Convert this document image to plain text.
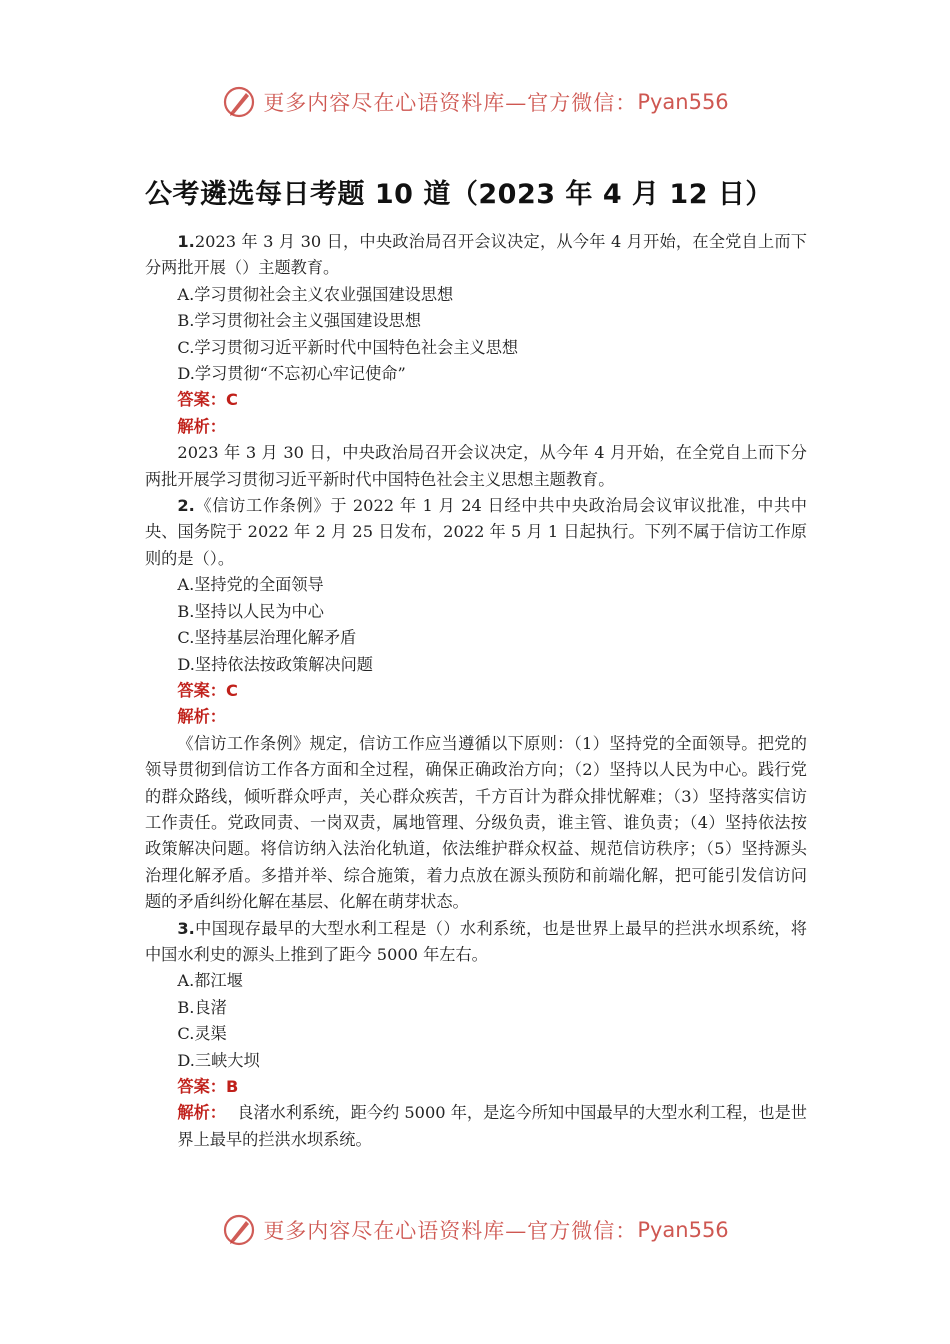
更多内容尽在心语资料库—官方微信： Pyan556
公考遴选每日考题 10 道（2023 年 4 月 12 日）

1.2023 年 3 月 30 日，中央政治局召开会议决定，从今年 4 月开始，在全党自上而下分两批开展（）主题教育。

A.学习贯彻社会主义农业强国建设思想

B.学习贯彻社会主义强国建设思想

C.学习贯彻习近平新时代中国特色社会主义思想

D.学习贯彻“不忘初心牢记使命”

答案：C

解析：

2023 年 3 月 30 日，中央政治局召开会议决定，从今年 4 月开始，在全党自上而下分两批开展学习贯彻习近平新时代中国特色社会主义思想主题教育。

2.《信访工作条例》于 2022 年 1 月 24 日经中共中央政治局会议审议批准，中共中央、国务院于 2022 年 2 月 25 日发布，2022 年 5 月 1 日起执行。下列不属于信访工作原则的是（）。

A.坚持党的全面领导

B.坚持以人民为中心

C.坚持基层治理化解矛盾

D.坚持依法按政策解决问题

答案：C

解析：

《信访工作条例》规定，信访工作应当遵循以下原则：（1）坚持党的全面领导。把党的领导贯彻到信访工作各方面和全过程，确保正确政治方向；（2）坚持以人民为中心。践行党的群众路线，倾听群众呼声，关心群众疾苦，千方百计为群众排忧解难；（3）坚持落实信访工作责任。党政同责、一岗双责，属地管理、分级负责，谁主管、谁负责；（4）坚持依法按政策解决问题。将信访纳入法治化轨道，依法维护群众权益、规范信访秩序；（5）坚持源头治理化解矛盾。多措并举、综合施策，着力点放在源头预防和前端化解，把可能引发信访问题的矛盾纠纷化解在基层、化解在萌芽状态。

3.中国现存最早的大型水利工程是（）水利系统，也是世界上最早的拦洪水坝系统，将中国水利史的源头上推到了距今 5000 年左右。

A.都江堰

B.良渚

C.灵渠

D.三峡大坝

答案：B

解析： 良渚水利系统，距今约 5000 年，是迄今所知中国最早的大型水利工程，也是世界上最早的拦洪水坝系统。

更多内容尽在心语资料库—官方微信： Pyan556
